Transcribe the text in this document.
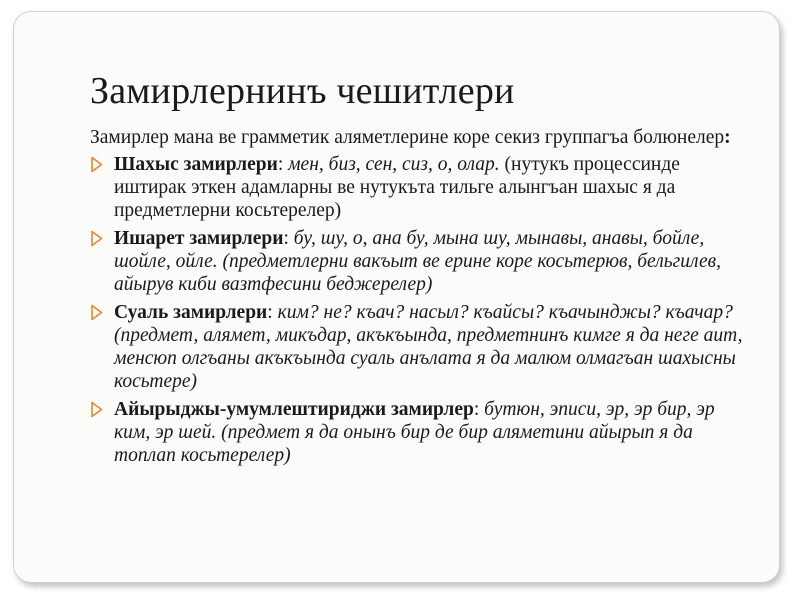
Замирлернинъ чешитлери

Замирлер мана ве грамметик аляметлерине коре секиз группагъа болюнелер:

Шахыс замирлери: мен, биз, сен, сиз, о, олар. (нутукъ процессинде иштирак эткен адамларны ве нутукъта тильге алынгъан шахыс я да предметлерни косьтерелер)
Ишарет замирлери: бу, шу, о, ана бу, мына шу, мынавы, анавы, бойле, шойле, ойле. (предметлерни вакъыт ве ерине коре косьтерюв, бельгилев, айырув киби вазтфесини беджерелер)
Суаль замирлери: ким? не? къач? насыл? къайсы? къачынджы? къачар? (предмет, алямет, микъдар, акъкъында, предметнинъ кимге я да неге аит, менсюп олгъаны акъкъында суаль анълата я да малюм олмагъан шахысны косьтере)
Айырыджы-умумлештириджи замирлер: бутюн, эписи, эр, эр бир, эр ким, эр шей. (предмет я да онынъ бир де бир аляметини айырып я да топлап косьтерелер)
